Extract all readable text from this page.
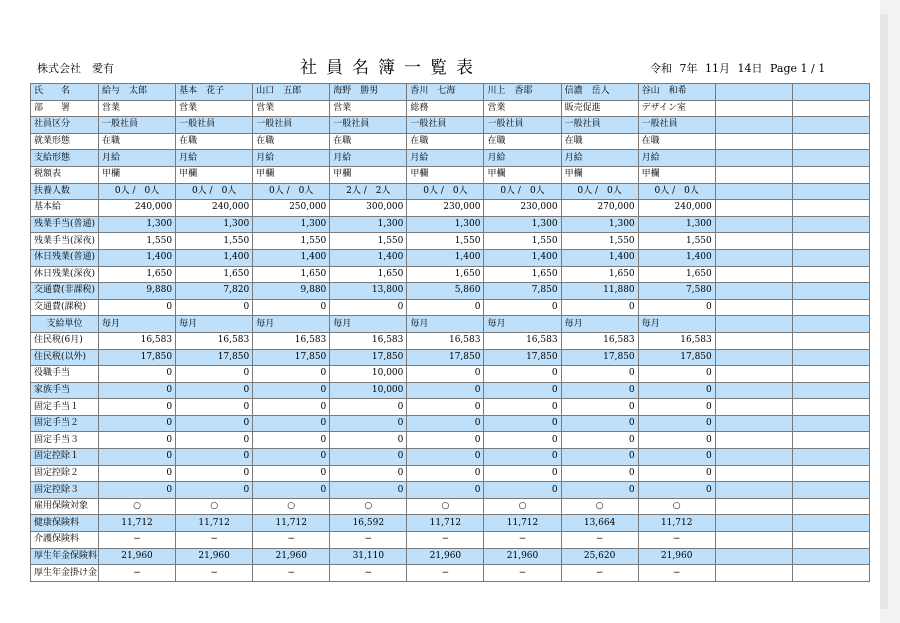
株式会社　愛有	社員名簿一覧表	令和 7年 11月 14日 Page 1 / 1
氏　　名	給与　太郎	基本　花子	山口　五郎	海野　勝男	香川　七海	川上　香耶	信濃　岳人	谷山　和希		
部　　署	営業	営業	営業	営業	総務	営業	販売促進	デザイン室		
社員区分	一般社員	一般社員	一般社員	一般社員	一般社員	一般社員	一般社員	一般社員		
就業形態	在職	在職	在職	在職	在職	在職	在職	在職		
支給形態	月給	月給	月給	月給	月給	月給	月給	月給		
税額表	甲欄	甲欄	甲欄	甲欄	甲欄	甲欄	甲欄	甲欄		
扶養人数	0人 /　0人	0人 /　0人	0人 /　0人	2人 /　2人	0人 /　0人	0人 /　0人	0人 /　0人	0人 /　0人		
基本給	240,000	240,000	250,000	300,000	230,000	230,000	270,000	240,000		
残業手当(普通)	1,300	1,300	1,300	1,300	1,300	1,300	1,300	1,300		
残業手当(深夜)	1,550	1,550	1,550	1,550	1,550	1,550	1,550	1,550		
休日残業(普通)	1,400	1,400	1,400	1,400	1,400	1,400	1,400	1,400		
休日残業(深夜)	1,650	1,650	1,650	1,650	1,650	1,650	1,650	1,650		
交通費(非課税)	9,880	7,820	9,880	13,800	5,860	7,850	11,880	7,580		
交通費(課税)	0	0	0	0	0	0	0	0		
支給単位	毎月	毎月	毎月	毎月	毎月	毎月	毎月	毎月		
住民税(6月)	16,583	16,583	16,583	16,583	16,583	16,583	16,583	16,583		
住民税(以外)	17,850	17,850	17,850	17,850	17,850	17,850	17,850	17,850		
役職手当	0	0	0	10,000	0	0	0	0		
家族手当	0	0	0	10,000	0	0	0	0		
固定手当１	0	0	0	0	0	0	0	0		
固定手当２	0	0	0	0	0	0	0	0		
固定手当３	0	0	0	0	0	0	0	0		
固定控除１	0	0	0	0	0	0	0	0		
固定控除２	0	0	0	0	0	0	0	0		
固定控除３	0	0	0	0	0	0	0	0		
雇用保険対象	○	○	○	○	○	○	○	○		
健康保険料	11,712	11,712	11,712	16,592	11,712	11,712	13,664	11,712		
介護保険料	−	−	−	−	−	−	−	−		
厚生年金保険料	21,960	21,960	21,960	31,110	21,960	21,960	25,620	21,960		
厚生年金掛け金	−	−	−	−	−	−	−	−		
